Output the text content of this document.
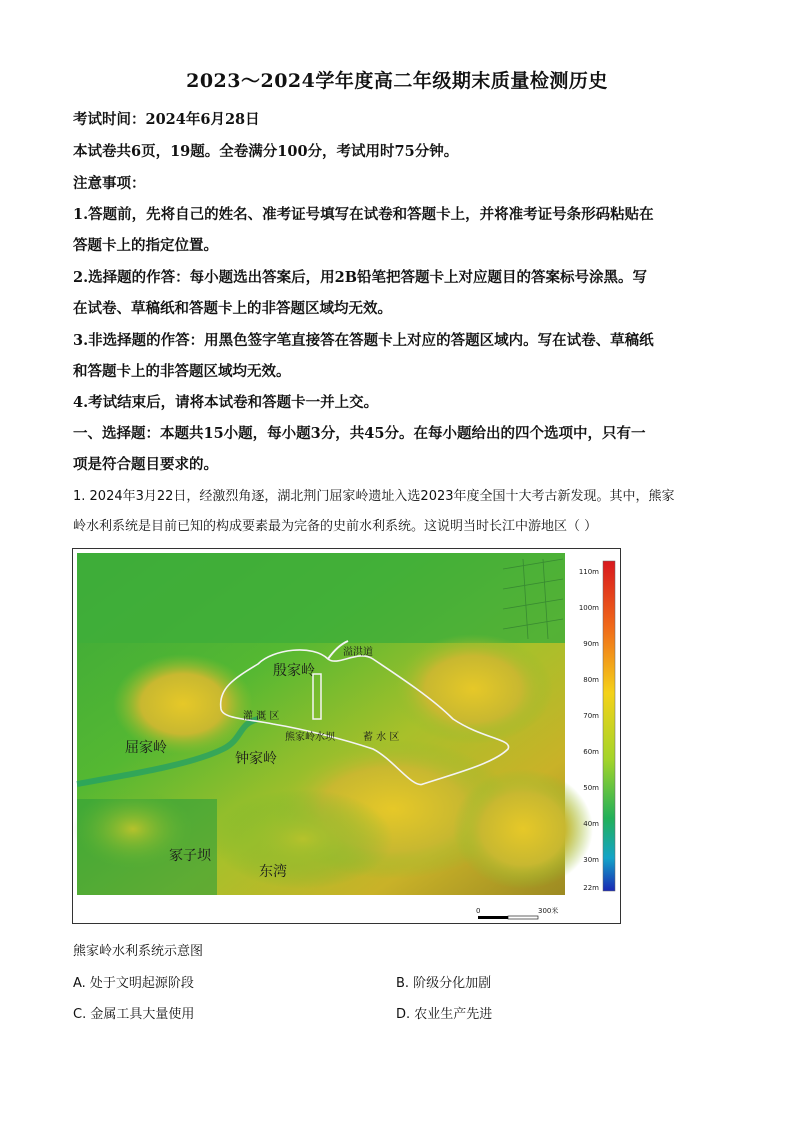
2023～2024学年度高二年级期末质量检测历史
考试时间：2024年6月28日
本试卷共6页，19题。全卷满分100分，考试用时75分钟。
注意事项：
1.答题前，先将自己的姓名、准考证号填写在试卷和答题卡上，并将准考证号条形码粘贴在
答题卡上的指定位置。
2.选择题的作答：每小题选出答案后，用2B铅笔把答题卡上对应题目的答案标号涂黑。写
在试卷、草稿纸和答题卡上的非答题区域均无效。
3.非选择题的作答：用黑色签字笔直接答在答题卡上对应的答题区域内。写在试卷、草稿纸
和答题卡上的非答题区域均无效。
4.考试结束后，请将本试卷和答题卡一并上交。
一、选择题：本题共15小题，每小题3分，共45分。在每小题给出的四个选项中，只有一
项是符合题目要求的。
1. 2024年3月22日，经激烈角逐，湖北荆门屈家岭遗址入选2023年度全国十大考古新发现。其中，熊家
岭水利系统是目前已知的构成要素最为完备的史前水利系统。这说明当时长江中游地区（ ）
殷家岭
溢洪道
灌 溉 区
熊家岭水坝	蓄 水 区
屈家岭
钟家岭
冢子坝
东湾
110m
100m
90m
80m
70m
60m
50m
40m
30m
22m
0	300米
熊家岭水利系统示意图
A. 处于文明起源阶段	B. 阶级分化加剧
C. 金属工具大量使用	D. 农业生产先进
